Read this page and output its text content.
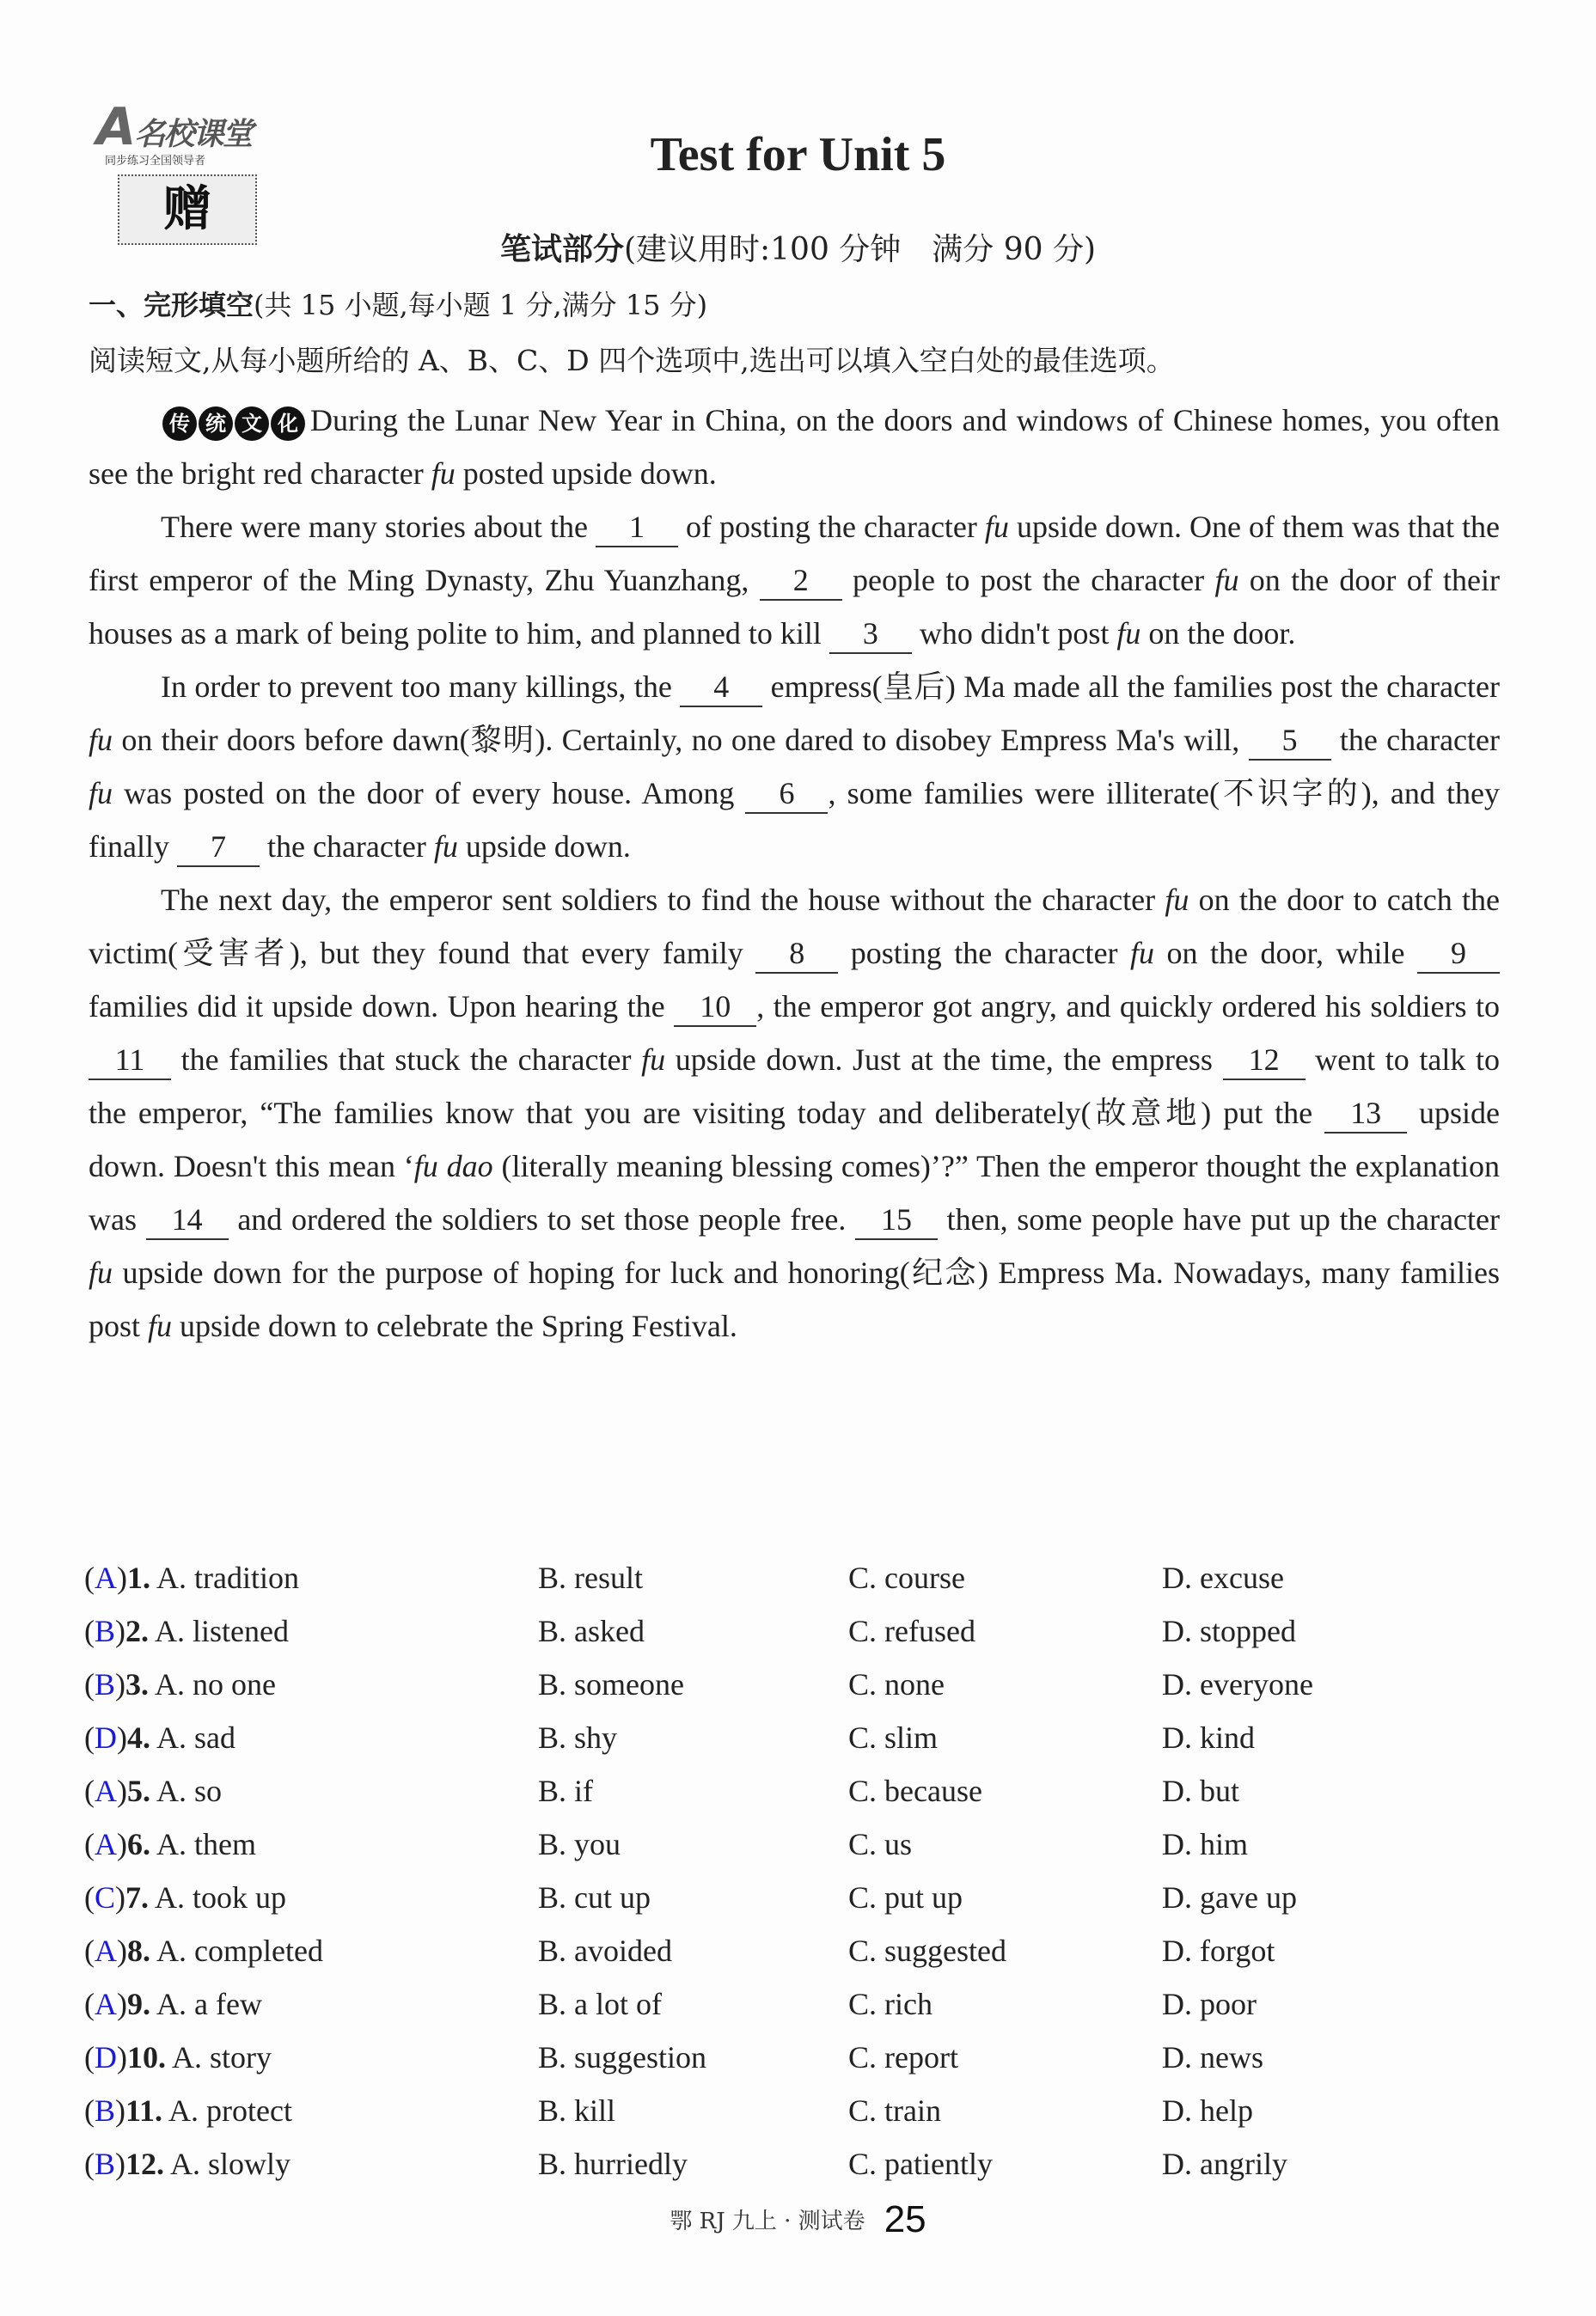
A名校课堂
同步练习全国领导者
赠
Test for Unit 5
笔试部分(建议用时:100 分钟　满分 90 分)
一、完形填空(共 15 小题,每小题 1 分,满分 15 分)
阅读短文,从每小题所给的 A、B、C、D 四个选项中,选出可以填入空白处的最佳选项。

传 统 文 化 During the Lunar New Year in China, on the doors and windows of Chinese homes, you often see the bright red character fu posted upside down.

There were many stories about the 1 of posting the character fu upside down. One of them was that the first emperor of the Ming Dynasty, Zhu Yuanzhang, 2 people to post the character fu on the door of their houses as a mark of being polite to him, and planned to kill 3 who didn't post fu on the door.

In order to prevent too many killings, the 4 empress(皇后) Ma made all the families post the character fu on their doors before dawn(黎明). Certainly, no one dared to disobey Empress Ma's will, 5 the character fu was posted on the door of every house. Among 6 , some families were illiterate(不识字的), and they finally 7 the character fu upside down.

The next day, the emperor sent soldiers to find the house without the character fu on the door to catch the victim(受害者), but they found that every family 8 posting the character fu on the door, while 9 families did it upside down. Upon hearing the 10 , the emperor got angry, and quickly ordered his soldiers to 11 the families that stuck the character fu upside down. Just at the time, the empress 12 went to talk to the emperor, “The families know that you are visiting today and deliberately(故意地) put the 13 upside down. Doesn't this mean ‘fu dao (literally meaning blessing comes)’?” Then the emperor thought the explanation was 14 and ordered the soldiers to set those people free. 15 then, some people have put up the character fu upside down for the purpose of hoping for luck and honoring(纪念) Empress Ma. Nowadays, many families post fu upside down to celebrate the Spring Festival.

(A)1. A. tradition	B. result	C. course	D. excuse
(B)2. A. listened	B. asked	C. refused	D. stopped
(B)3. A. no one	B. someone	C. none	D. everyone
(D)4. A. sad	B. shy	C. slim	D. kind
(A)5. A. so	B. if	C. because	D. but
(A)6. A. them	B. you	C. us	D. him
(C)7. A. took up	B. cut up	C. put up	D. gave up
(A)8. A. completed	B. avoided	C. suggested	D. forgot
(A)9. A. a few	B. a lot of	C. rich	D. poor
(D)10. A. story	B. suggestion	C. report	D. news
(B)11. A. protect	B. kill	C. train	D. help
(B)12. A. slowly	B. hurriedly	C. patiently	D. angrily
鄂 RJ 九上 · 测试卷 25
